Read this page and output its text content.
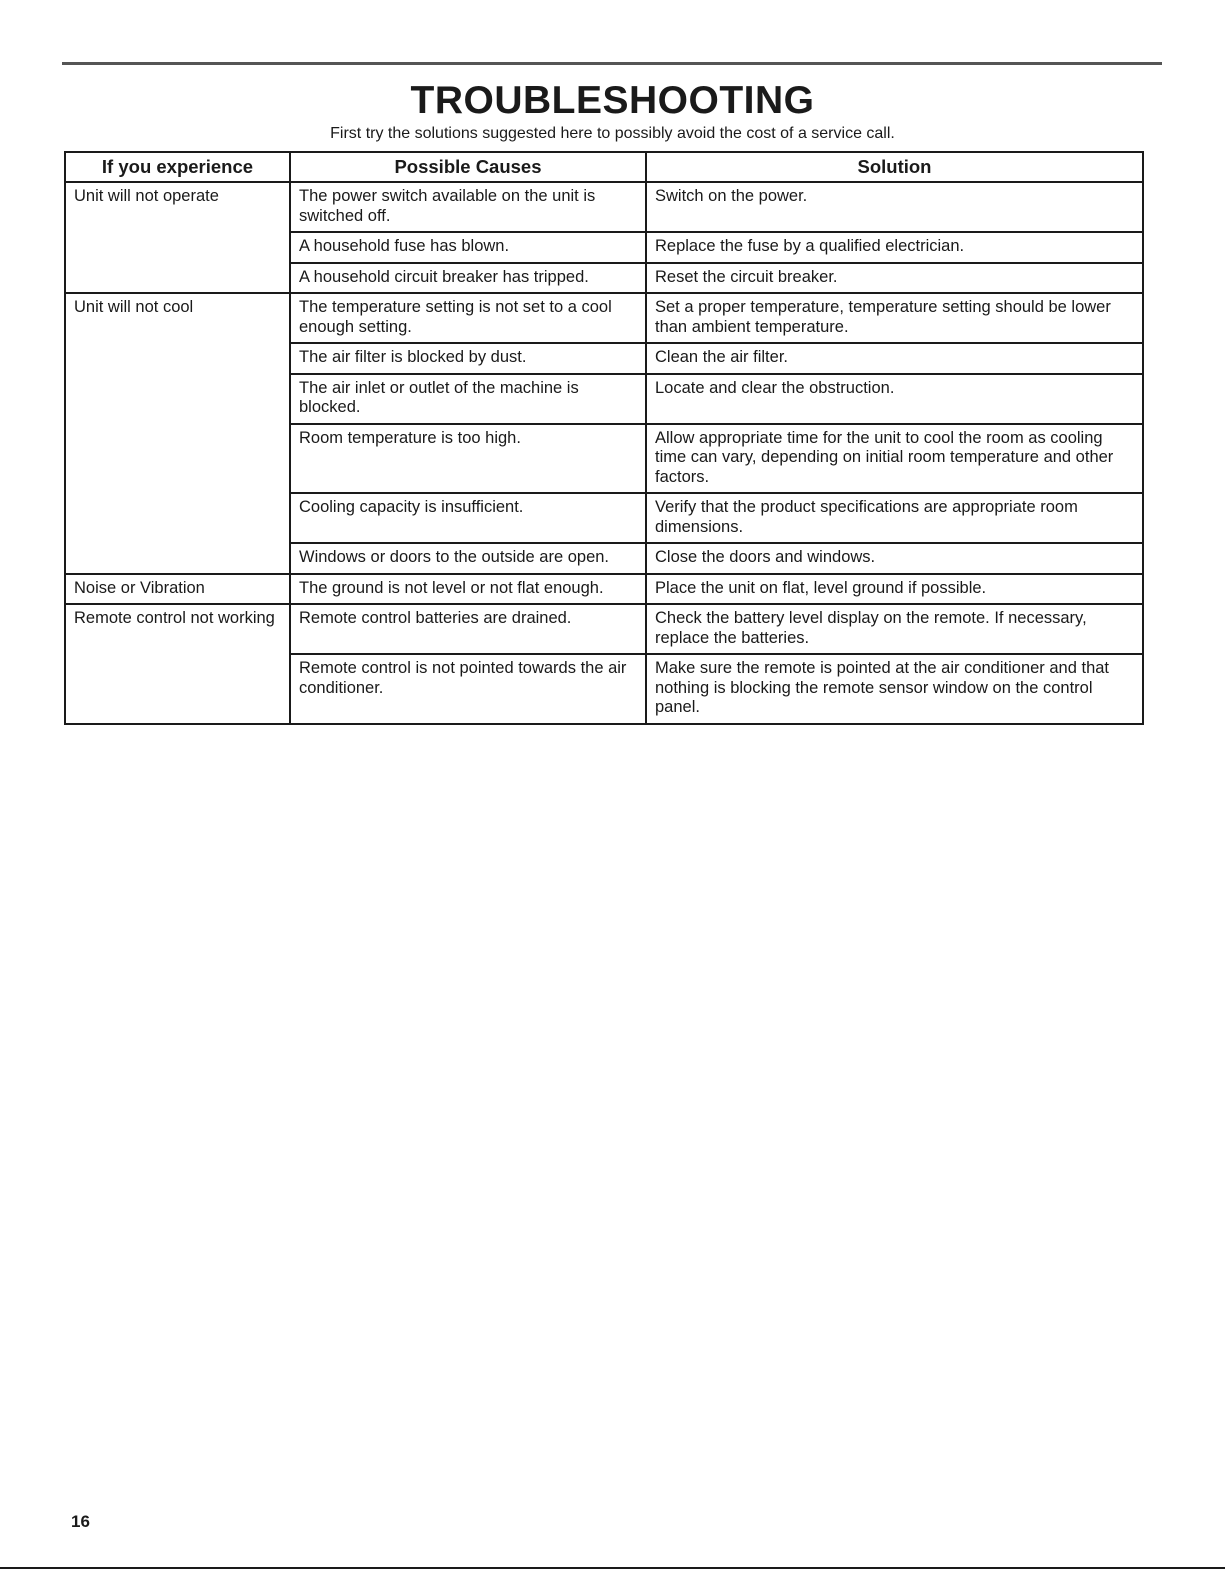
TROUBLESHOOTING
First try the solutions suggested here to possibly avoid the cost of a service call.
If you experience	Possible Causes	Solution
Unit will not operate	The power switch available on the unit is switched off.	Switch on the power.
	A household fuse has blown.	Replace the fuse by a qualified electrician.
	A household circuit breaker has tripped.	Reset the circuit breaker.
Unit will not cool	The temperature setting is not set to a cool enough setting.	Set a proper temperature, temperature setting should be lower than ambient temperature.
	The air filter is blocked by dust.	Clean the air filter.
	The air inlet or outlet of the machine is blocked.	Locate and clear the obstruction.
	Room temperature is too high.	Allow appropriate time for the unit to cool the room as cooling time can vary, depending on initial room temperature and other factors.
	Cooling capacity is insufficient.	Verify that the product specifications are appropriate room dimensions.
	Windows or doors to the outside are open.	Close the doors and windows.
Noise or Vibration	The ground is not level or not flat enough.	Place the unit on flat, level ground if possible.
Remote control not working	Remote control batteries are drained.	Check the battery level display on the remote. If necessary, replace the batteries.
	Remote control is not pointed towards the air conditioner.	Make sure the remote is pointed at the air conditioner and that nothing is blocking the remote sensor window on the control panel.
16
